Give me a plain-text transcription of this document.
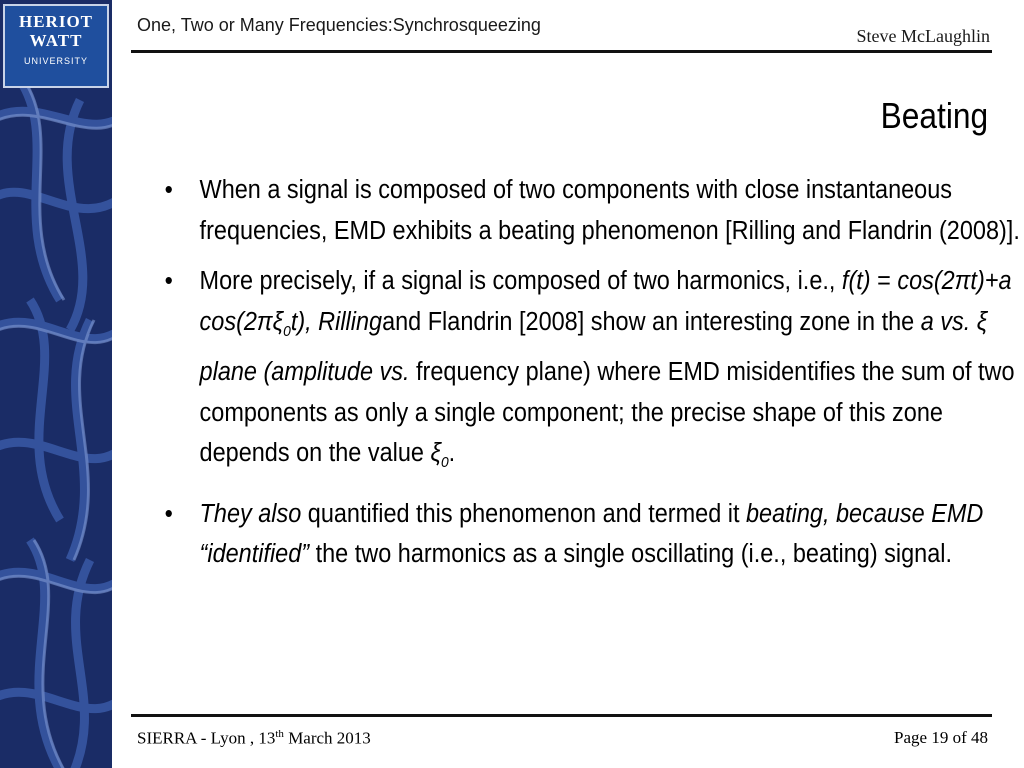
HERIOT
WATT
UNIVERSITY
One, Two or Many Frequencies:Synchrosqueezing
Steve McLaughlin
Beating
• When a signal is composed of two components with close instantaneous frequencies, EMD exhibits a beating phenomenon [Rilling and Flandrin (2008)].
• More precisely, if a signal is composed of two harmonics, i.e., f(t) = cos(2πt)+a $\cos(2\pi\xi_0t)$, Rillingand Flandrin [2008] show an interesting zone in the a vs. ξ plane (amplitude vs. frequency plane) where EMD misidentifies the sum of two components as only a single component; the precise shape of this zone depends on the value $\xi_0$.
• They also quantified this phenomenon and termed it beating, because EMD “identified” the two harmonics as a single oscillating (i.e., beating) signal.
SIERRA - Lyon , 13th March 2013	Page 19 of 48
